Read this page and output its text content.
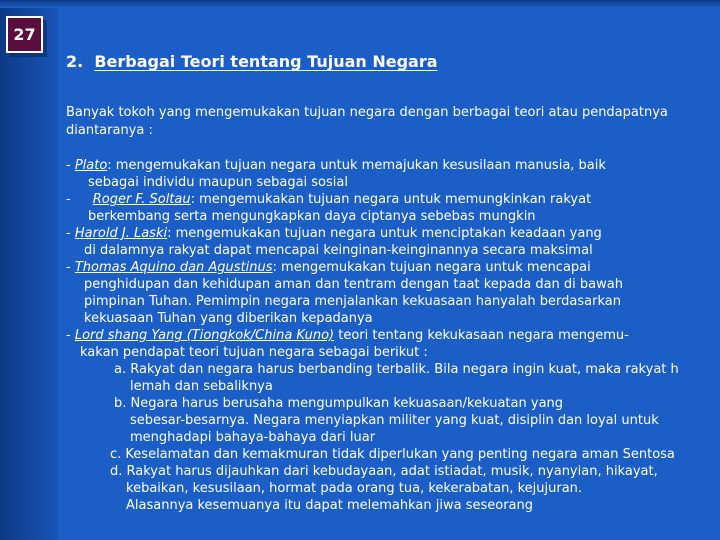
27
2. Berbagai Teori tentang Tujuan Negara

Banyak tokoh yang mengemukakan tujuan negara dengan berbagai teori atau pendapatnya diantaranya :

- Plato: mengemukakan tujuan negara untuk memajukan kesusilaan manusia, baik
sebagai individu maupun sebagai sosial
- Roger F. Soltau: mengemukakan tujuan negara untuk memungkinkan rakyat
berkembang serta mengungkapkan daya ciptanya sebebas mungkin
- Harold J. Laski: mengemukakan tujuan negara untuk menciptakan keadaan yang
di dalamnya rakyat dapat mencapai keinginan-keinginannya secara maksimal
- Thomas Aquino dan Agustinus: mengemukakan tujuan negara untuk mencapai
penghidupan dan kehidupan aman dan tentram dengan taat kepada dan di bawah
pimpinan Tuhan. Pemimpin negara menjalankan kekuasaan hanyalah berdasarkan
kekuasaan Tuhan yang diberikan kepadanya
- Lord shang Yang (Tiongkok/China Kuno) teori tentang kekukasaan negara mengemu-
kakan pendapat teori tujuan negara sebagai berikut :
a. Rakyat dan negara harus berbanding terbalik. Bila negara ingin kuat, maka rakyat h
lemah dan sebaliknya
b. Negara harus berusaha mengumpulkan kekuasaan/kekuatan yang
sebesar-besarnya. Negara menyiapkan militer yang kuat, disiplin dan loyal untuk
menghadapi bahaya-bahaya dari luar
c. Keselamatan dan kemakmuran tidak diperlukan yang penting negara aman Sentosa
d. Rakyat harus dijauhkan dari kebudayaan, adat istiadat, musik, nyanyian, hikayat,
kebaikan, kesusilaan, hormat pada orang tua, kekerabatan, kejujuran.
Alasannya kesemuanya itu dapat melemahkan jiwa seseorang
